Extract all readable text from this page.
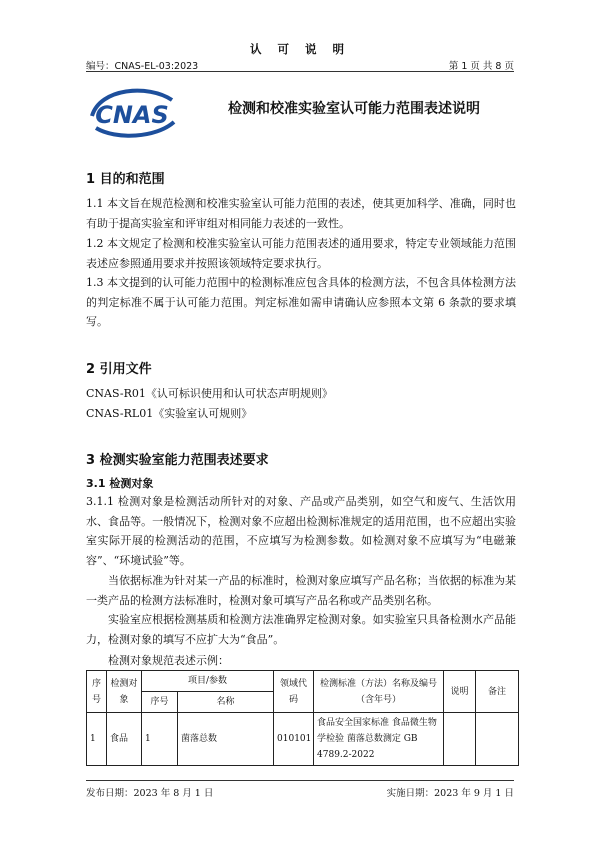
认 可 说 明
编号：CNAS-EL-03:2023	第 1 页 共 8 页
CNAS	检测和校准实验室认可能力范围表述说明
1 目的和范围
1.1 本文旨在规范检测和校准实验室认可能力范围的表述，使其更加科学、准确，同时也有助于提高实验室和评审组对相同能力表述的一致性。
1.2 本文规定了检测和校准实验室认可能力范围表述的通用要求，特定专业领域能力范围表述应参照通用要求并按照该领域特定要求执行。
1.3 本文提到的认可能力范围中的检测标准应包含具体的检测方法，不包含具体检测方法的判定标准不属于认可能力范围。判定标准如需申请确认应参照本文第 6 条款的要求填写。
2 引用文件
CNAS-R01《认可标识使用和认可状态声明规则》
CNAS-RL01《实验室认可规则》
3 检测实验室能力范围表述要求
3.1 检测对象
3.1.1 检测对象是检测活动所针对的对象、产品或产品类别，如空气和废气、生活饮用水、食品等。一般情况下，检测对象不应超出检测标准规定的适用范围，也不应超出实验室实际开展的检测活动的范围，不应填写为检测参数。如检测对象不应填写为“电磁兼容”、“环境试验”等。
当依据标准为针对某一产品的标准时，检测对象应填写产品名称；当依据的标准为某一类产品的检测方法标准时，检测对象可填写产品名称或产品类别名称。
实验室应根据检测基质和检测方法准确界定检测对象。如实验室只具备检测水产品能力，检测对象的填写不应扩大为“食品”。
检测对象规范表述示例：
序号	检测对象	项目/参数		领域代码	检测标准（方法）名称及编号（含年号）	说明	备注
		序号	名称				
1	食品	1	菌落总数	010101	食品安全国家标准 食品微生物学检验 菌落总数测定 GB 4789.2-2022		
发布日期：2023 年 8 月 1 日	实施日期：2023 年 9 月 1 日
